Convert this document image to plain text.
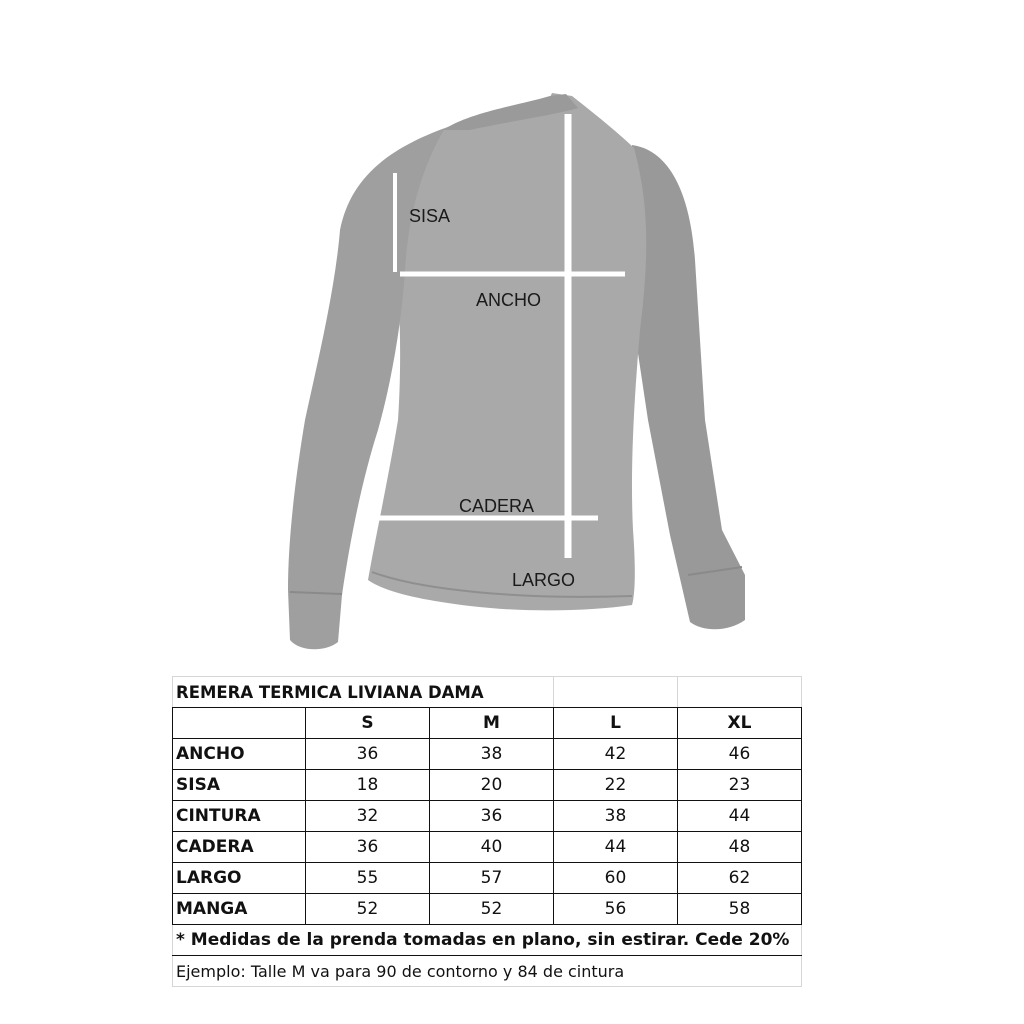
SISA
ANCHO
CADERA
LARGO
REMERA TERMICA LIVIANA DAMA				
	S	M	L	XL
ANCHO	36	38	42	46
SISA	18	20	22	23
CINTURA	32	36	38	44
CADERA	36	40	44	48
LARGO	55	57	60	62
MANGA	52	52	56	58
* Medidas de la prenda tomadas en plano, sin estirar. Cede 20%				
Ejemplo: Talle M va para 90 de contorno y 84 de cintura				
